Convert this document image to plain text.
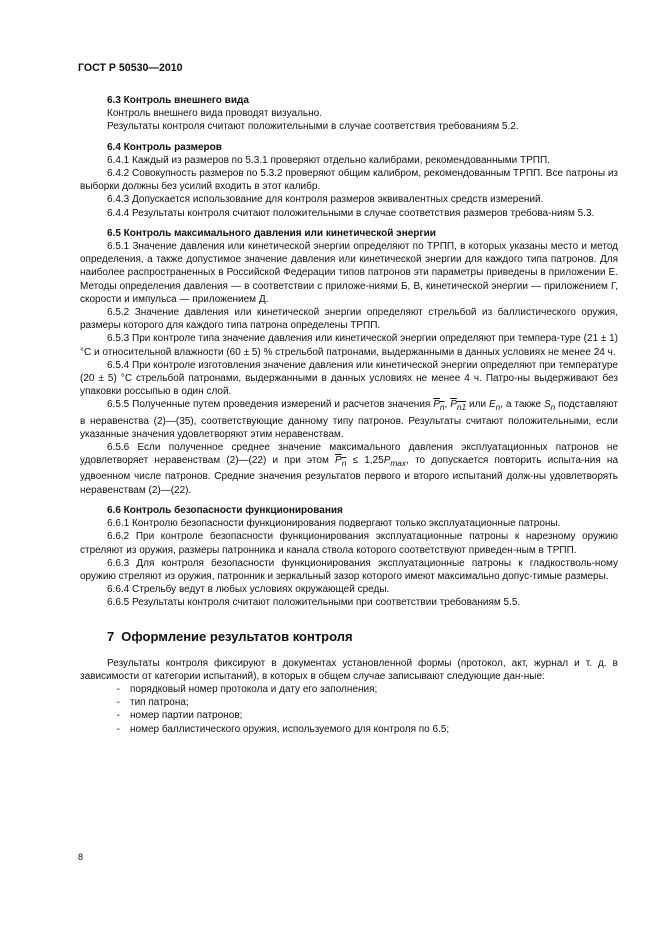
ГОСТ Р 50530—2010

6.3 Контроль внешнего вида

Контроль внешнего вида проводят визуально.

Результаты контроля считают положительными в случае соответствия требованиям 5.2.

6.4 Контроль размеров

6.4.1 Каждый из размеров по 5.3.1 проверяют отдельно калибрами, рекомендованными ТРПП.

6.4.2 Совокупность размеров по 5.3.2 проверяют общим калибром, рекомендованным ТРПП. Все патроны из выборки должны без усилий входить в этот калибр.

6.4.3 Допускается использование для контроля размеров эквивалентных средств измерений.

6.4.4 Результаты контроля считают положительными в случае соответствия размеров требова-ниям 5.3.

6.5 Контроль максимального давления или кинетической энергии

6.5.1 Значение давления или кинетической энергии определяют по ТРПП, в которых указаны место и метод определения, а также допустимое значение давления или кинетической энергии для каждого типа патронов. Для наиболее распространенных в Российской Федерации типов патронов эти параметры приведены в приложении Е. Методы определения давления — в соответствии с приложе-ниями Б, В, кинетической энергии — приложением Г, скорости и импульса — приложением Д.

6.5.2 Значение давления или кинетической энергии определяют стрельбой из баллистического оружия, размеры которого для каждого типа патрона определены ТРПП.

6.5.3 При контроле типа значение давления или кинетической энергии определяют при темпера-туре (21 ± 1) °С и относительной влажности (60 ± 5) % стрельбой патронами, выдержанными в данных условиях не менее 24 ч.

6.5.4 При контроле изготовления значение давления или кинетической энергии определяют при температуре (20 ± 5) °С стрельбой патронами, выдержанными в данных условиях не менее 4 ч. Патро-ны выдерживают без упаковки россыпью в один слой.

6.5.5 Полученные путем проведения измерений и расчетов значения $P_n$, $P_{n1}$ или $E_n$, а также $S_n$ подставляют в неравенства (2)—(35), соответствующие данному типу патронов. Результаты считают положительными, если указанные значения удовлетворяют этим неравенствам.

6.5.6 Если полученное среднее значение максимального давления эксплуатационных патронов не удовлетворяет неравенствам (2)—(22) и при этом $P_n \le 1,25P_{max}$, то допускается повторить испыта-ния на удвоенном числе патронов. Средние значения результатов первого и второго испытаний долж-ны удовлетворять неравенствам (2)—(22).

6.6 Контроль безопасности функционирования

6.6.1 Контролю безопасности функционирования подвергают только эксплуатационные патроны.

6.6.2 При контроле безопасности функционирования эксплуатационные патроны к нарезному оружию стреляют из оружия, размеры патронника и канала ствола которого соответствуют приведен-ным в ТРПП.

6.6.3 Для контроля безопасности функционирования эксплуатационные патроны к гладкостволь-ному оружию стреляют из оружия, патронник и зеркальный зазор которого имеют максимально допус-тимые размеры.

6.6.4 Стрельбу ведут в любых условиях окружающей среды.

6.6.5 Результаты контроля считают положительными при соответствии требованиям 5.5.

7 Оформление результатов контроля

Результаты контроля фиксируют в документах установленной формы (протокол, акт, журнал и т. д. в зависимости от категории испытаний), в которых в общем случае записывают следующие дан-ные:

-	порядковый номер протокола и дату его заполнения;
-	тип патрона;
-	номер партии патронов;
-	номер баллистического оружия, используемого для контроля по 6.5;
8
